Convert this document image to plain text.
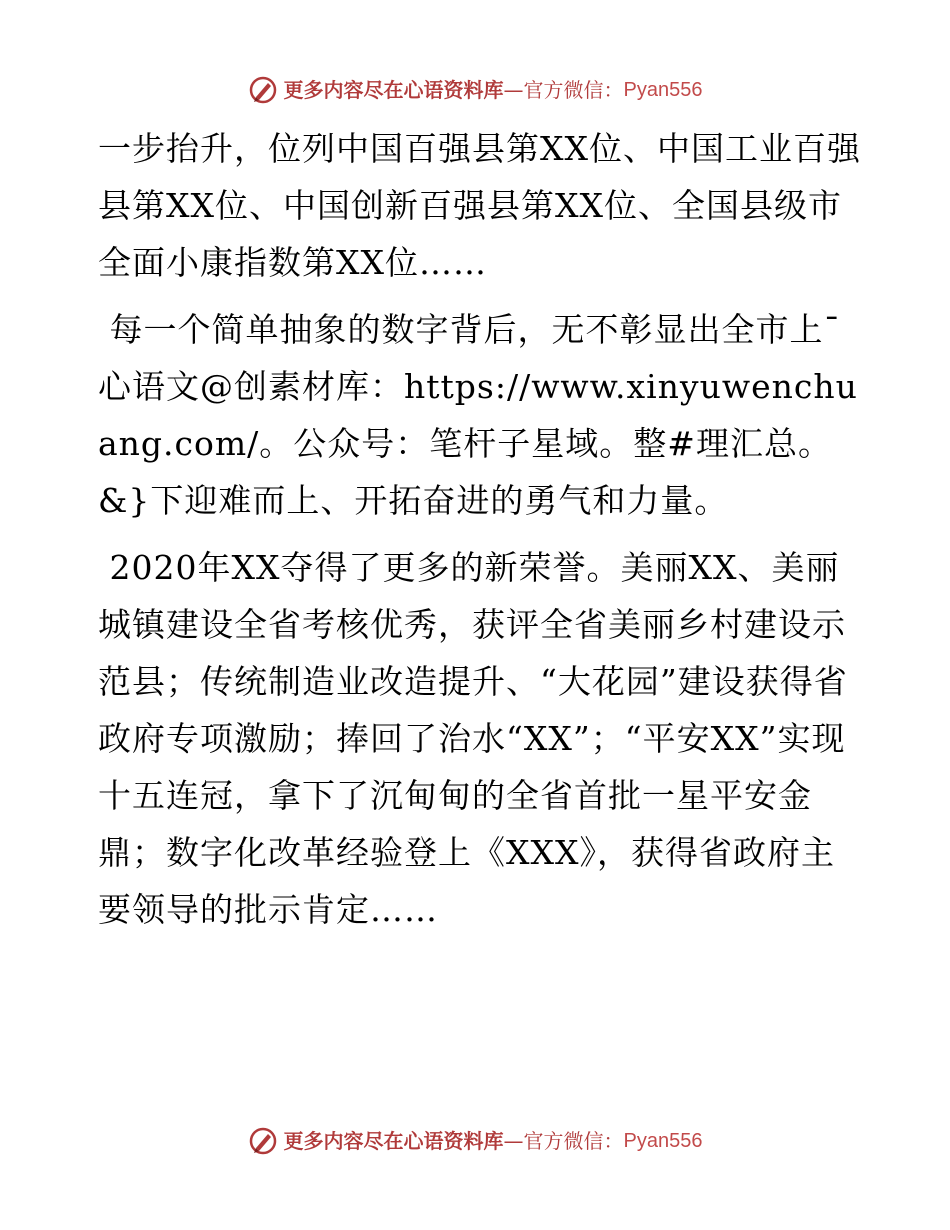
更多内容尽在心语资料库 — 官方微信： Pyan556

一步抬升，位列中国百强县第XX位、中国工业百强县第XX位、中国创新百强县第XX位、全国县级市全面小康指数第XX位……

每一个简单抽象的数字背后，无不彰显出全市上¯心语文@创素材库：https://www.xinyuwenchuang.com/。公众号：笔杆子星域。整#理汇总。&}下迎难而上、开拓奋进的勇气和力量。

2020年XX夺得了更多的新荣誉。美丽XX、美丽城镇建设全省考核优秀，获评全省美丽乡村建设示范县；传统制造业改造提升、“大花园”建设获得省政府专项激励；捧回了治水“XX”；“平安XX”实现十五连冠，拿下了沉甸甸的全省首批一星平安金鼎；数字化改革经验登上《XXX》，获得省政府主要领导的批示肯定……

更多内容尽在心语资料库 — 官方微信： Pyan556
